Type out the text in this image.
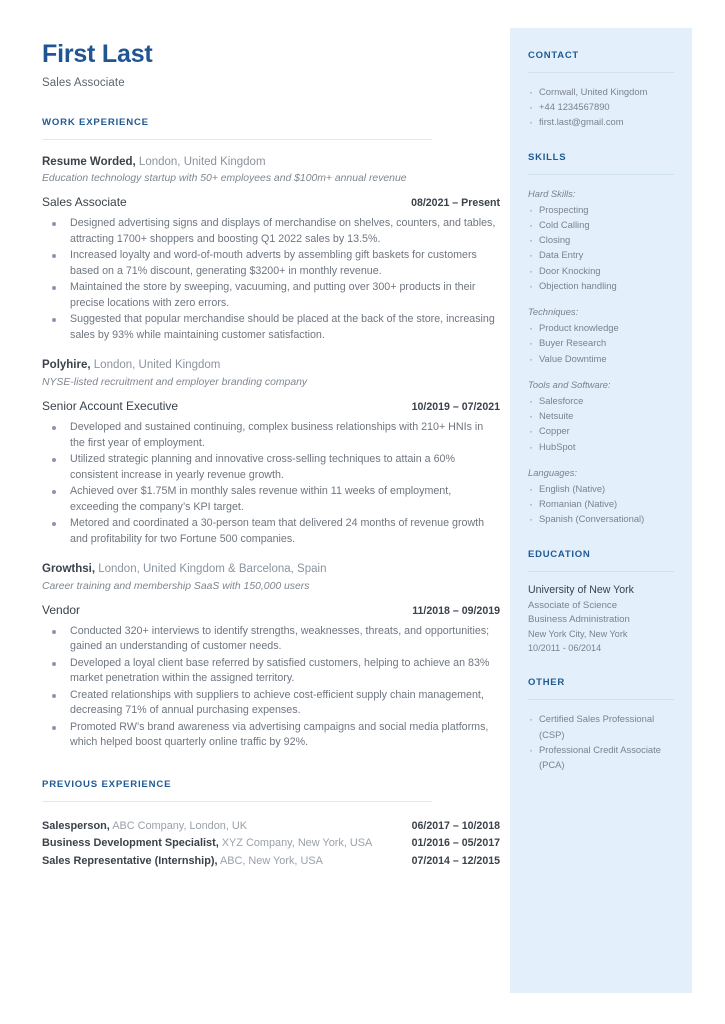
First Last
Sales Associate
WORK EXPERIENCE
Resume Worded, London, United Kingdom
Education technology startup with 50+ employees and $100m+ annual revenue
Sales Associate	08/2021 – Present
Designed advertising signs and displays of merchandise on shelves, counters, and tables, attracting 1700+ shoppers and boosting Q1 2022 sales by 13.5%.
Increased loyalty and word-of-mouth adverts by assembling gift baskets for customers based on a 71% discount, generating $3200+ in monthly revenue.
Maintained the store by sweeping, vacuuming, and putting over 300+ products in their precise locations with zero errors.
Suggested that popular merchandise should be placed at the back of the store, increasing sales by 93% while maintaining customer satisfaction.
Polyhire, London, United Kingdom
NYSE-listed recruitment and employer branding company
Senior Account Executive	10/2019 – 07/2021
Developed and sustained continuing, complex business relationships with 210+ HNIs in the first year of employment.
Utilized strategic planning and innovative cross-selling techniques to attain a 60% consistent increase in yearly revenue growth.
Achieved over $1.75M in monthly sales revenue within 11 weeks of employment, exceeding the company’s KPI target.
Metored and coordinated a 30-person team that delivered 24 months of revenue growth and profitability for two Fortune 500 companies.
Growthsi, London, United Kingdom & Barcelona, Spain
Career training and membership SaaS with 150,000 users
Vendor	11/2018 – 09/2019
Conducted 320+ interviews to identify strengths, weaknesses, threats, and opportunities; gained an understanding of customer needs.
Developed a loyal client base referred by satisfied customers, helping to achieve an 83% market penetration within the assigned territory.
Created relationships with suppliers to achieve cost-efficient supply chain management, decreasing 71% of annual purchasing expenses.
Promoted RW’s brand awareness via advertising campaigns and social media platforms, which helped boost quarterly online traffic by 92%.
PREVIOUS EXPERIENCE
Salesperson, ABC Company, London, UK	06/2017 – 10/2018
Business Development Specialist, XYZ Company, New York, USA	01/2016 – 05/2017
Sales Representative (Internship), ABC, New York, USA	07/2014 – 12/2015
CONTACT
· Cornwall, United Kingdom
· +44 1234567890
· first.last@gmail.com
SKILLS
Hard Skills:
· Prospecting
· Cold Calling
· Closing
· Data Entry
· Door Knocking
· Objection handling
Techniques:
· Product knowledge
· Buyer Research
· Value Downtime
Tools and Software:
· Salesforce
· Netsuite
· Copper
· HubSpot
Languages:
· English (Native)
· Romanian (Native)
· Spanish (Conversational)
EDUCATION
University of New York
Associate of Science
Business Administration
New York City, New York
10/2011 - 06/2014
OTHER
· Certified Sales Professional (CSP)
· Professional Credit Associate (PCA)
